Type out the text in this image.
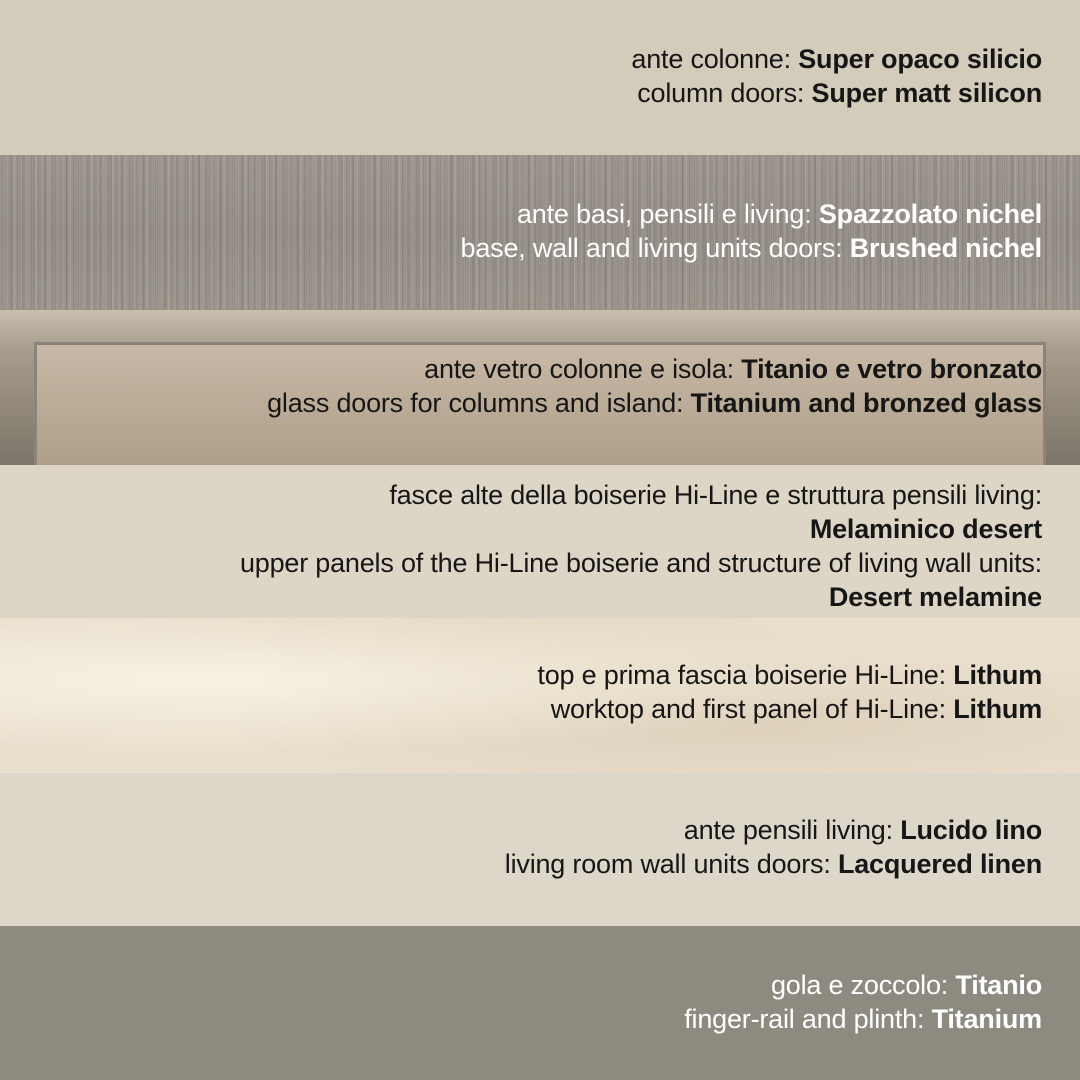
ante colonne: Super opaco silicio
column doors: Super matt silicon
ante basi, pensili e living: Spazzolato nichel
base, wall and living units doors: Brushed nichel
ante vetro colonne e isola: Titanio e vetro bronzato
glass doors for columns and island: Titanium and bronzed glass
fasce alte della boiserie Hi-Line e struttura pensili living:
Melaminico desert
upper panels of the Hi-Line boiserie and structure of living wall units:
Desert melamine
top e prima fascia boiserie Hi-Line: Lithum
worktop and first panel of Hi-Line: Lithum
ante pensili living: Lucido lino
living room wall units doors: Lacquered linen
gola e zoccolo: Titanio
finger-rail and plinth: Titanium
